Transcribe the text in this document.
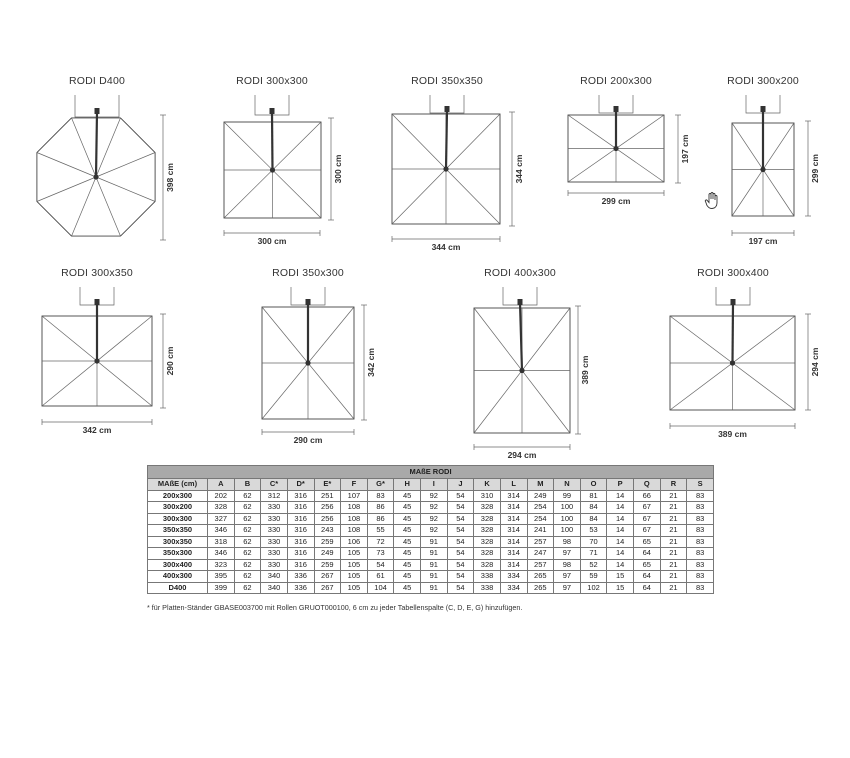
RODI D400
398 cm
RODI 300x300
300 cm
300 cm
RODI 350x350
344 cm
344 cm
RODI 200x300
197 cm
299 cm
RODI 300x200
299 cm
197 cm
RODI 300x350
290 cm
342 cm
RODI 350x300
342 cm
290 cm
RODI 400x300
389 cm
294 cm
RODI 300x400
294 cm
389 cm
MAßE RODI																			
MAßE (cm)	A	B	C*	D*	E*	F	G*	H	I	J	K	L	M	N	O	P	Q	R	S
200x300	202	62	312	316	251	107	83	45	92	54	310	314	249	99	81	14	66	21	83
300x200	328	62	330	316	256	108	86	45	92	54	328	314	254	100	84	14	67	21	83
300x300	327	62	330	316	256	108	86	45	92	54	328	314	254	100	84	14	67	21	83
350x350	346	62	330	316	243	108	55	45	92	54	328	314	241	100	53	14	67	21	83
300x350	318	62	330	316	259	106	72	45	91	54	328	314	257	98	70	14	65	21	83
350x300	346	62	330	316	249	105	73	45	91	54	328	314	247	97	71	14	64	21	83
300x400	323	62	330	316	259	105	54	45	91	54	328	314	257	98	52	14	65	21	83
400x300	395	62	340	336	267	105	61	45	91	54	338	334	265	97	59	15	64	21	83
D400	399	62	340	336	267	105	104	45	91	54	338	334	265	97	102	15	64	21	83
* für Platten-Ständer GBASE003700 mit Rollen GRUOT000100, 6 cm zu jeder Tabellenspalte (C, D, E, G) hinzufügen.
